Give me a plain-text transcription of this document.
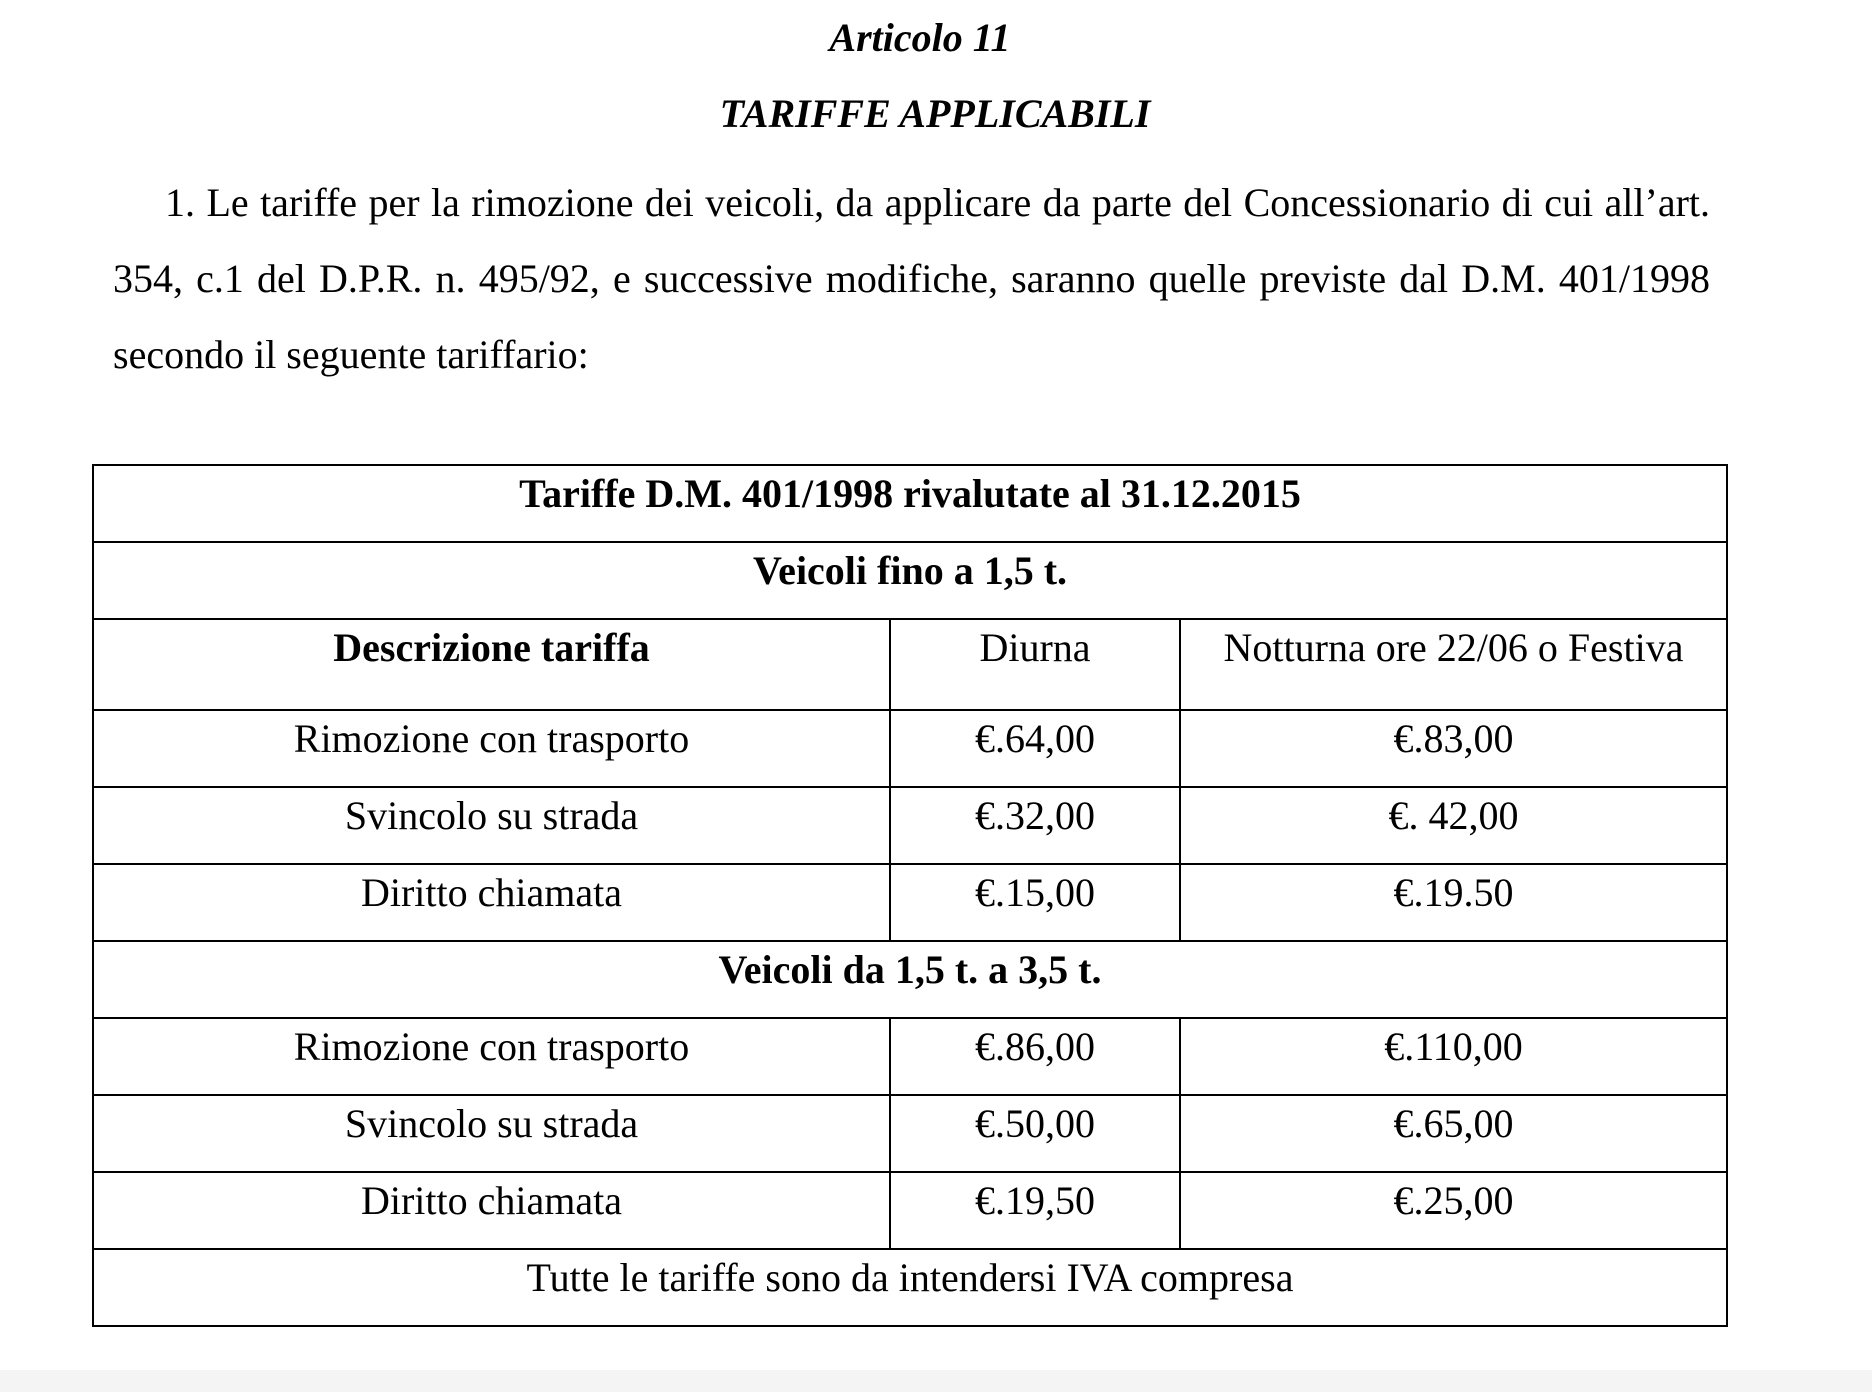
Articolo 11
TARIFFE APPLICABILI

1. Le tariffe per la rimozione dei veicoli, da applicare da parte del Concessionario di cui all’art. 354, c.1 del D.P.R. n. 495/92, e successive modifiche, saranno quelle previste dal D.M. 401/1998 secondo il seguente tariffario:

Tariffe D.M. 401/1998 rivalutate al 31.12.2015		
Veicoli fino a 1,5 t.		
Descrizione tariffa	Diurna	Notturna ore 22/06 o Festiva
Rimozione con trasporto	€.64,00	€.83,00
Svincolo su strada	€.32,00	€. 42,00
Diritto chiamata	€.15,00	€.19.50
Veicoli da 1,5 t. a 3,5 t.		
Rimozione con trasporto	€.86,00	€.110,00
Svincolo su strada	€.50,00	€.65,00
Diritto chiamata	€.19,50	€.25,00
Tutte le tariffe sono da intendersi IVA compresa		
